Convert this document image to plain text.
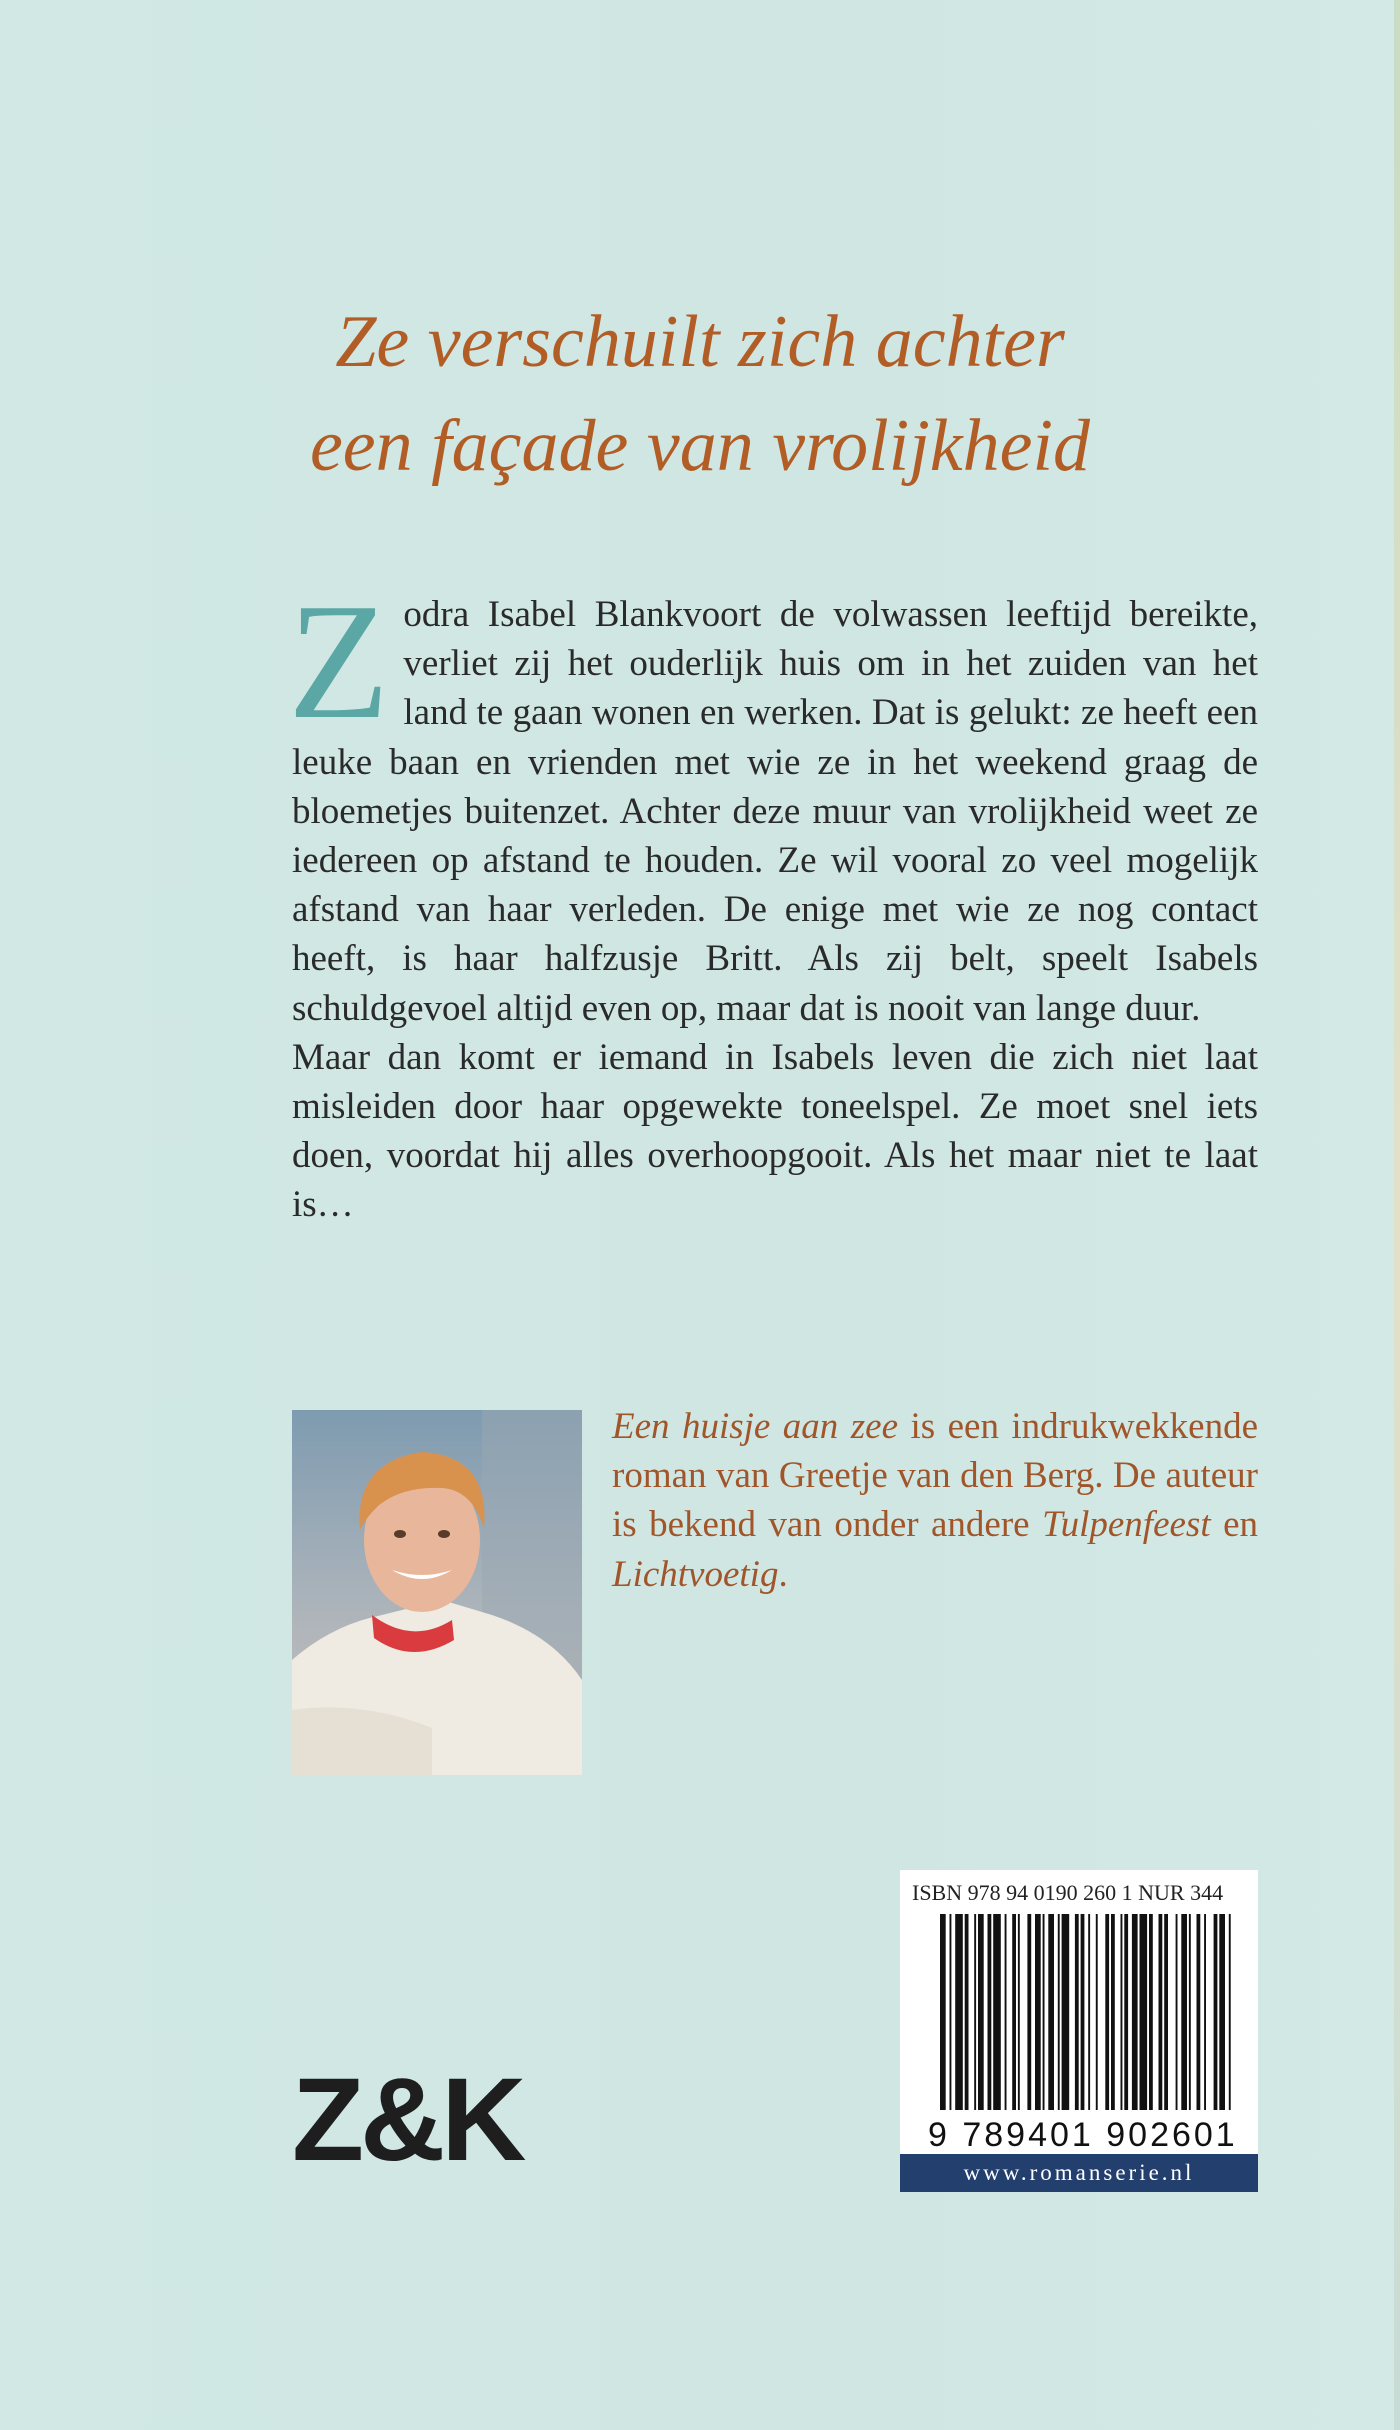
Ze verschuilt zich achter
een façade van vrolijkheid

Zodra Isabel Blankvoort de volwassen leeftijd bereikte, verliet zij het ouderlijk huis om in het zuiden van het land te gaan wonen en werken. Dat is gelukt: ze heeft een leuke baan en vrienden met wie ze in het weekend graag de bloemetjes buitenzet. Achter deze muur van vrolijkheid weet ze iedereen op afstand te houden. Ze wil vooral zo veel mogelijk afstand van haar verleden. De enige met wie ze nog contact heeft, is haar halfzusje Britt. Als zij belt, speelt Isabels schuldgevoel altijd even op, maar dat is nooit van lange duur.

Maar dan komt er iemand in Isabels leven die zich niet laat misleiden door haar opgewekte toneelspel. Ze moet snel iets doen, voordat hij alles overhoopgooit. Als het maar niet te laat is…

Een huisje aan zee is een indrukwekkende roman van Greetje van den Berg. De auteur is bekend van onder andere Tulpenfeest en Lichtvoetig.
ISBN 978 94 0190 260 1 NUR 344
9 789401 902601
www.romanserie.nl
Z&K
